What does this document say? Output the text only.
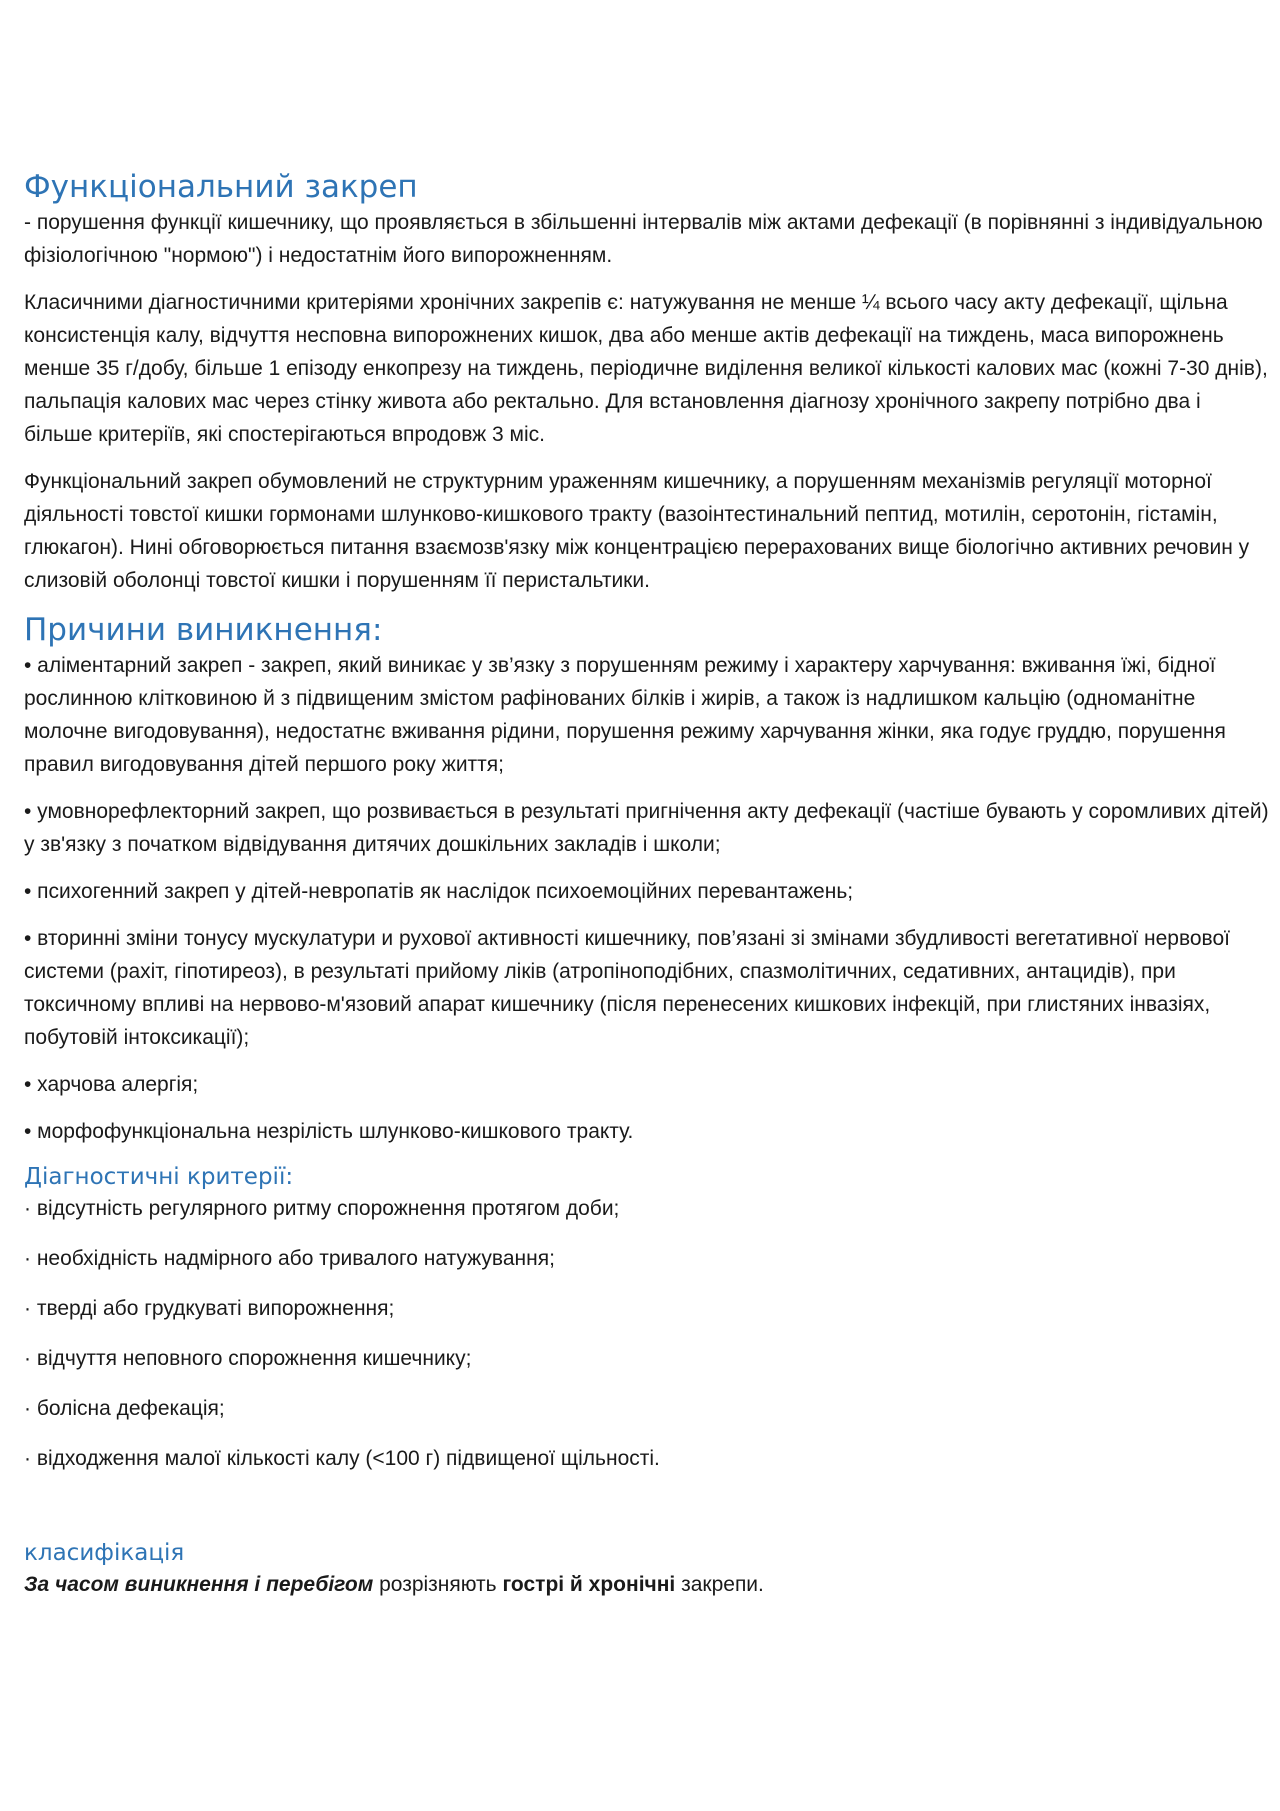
Функціональний закреп

- порушення функції кишечнику, що проявляється в збільшенні інтервалів між актами дефекації (в порівнянні з індивідуальною фізіологічною "нормою") і недостатнім його випорожненням.

Класичними діагностичними критеріями хронічних закрепів є: натужування не менше ¼ всього часу акту дефекації, щільна консистенція калу, відчуття несповна випорожнених кишок, два або менше актів дефекації на тиждень, маса випорожнень менше 35 г/добу, більше 1 епізоду енкопрезу на тиждень, періодичне виділення великої кількості калових мас (кожні 7-30 днів), пальпація калових мас через стінку живота або ректально. Для встановлення діагнозу хронічного закрепу потрібно два і більше критеріїв, які спостерігаються впродовж 3 міс.

Функціональний закреп обумовлений не структурним ураженням кишечнику, а порушенням механізмів регуляції моторної діяльності товстої кишки гормонами шлунково-кишкового тракту (вазоінтестинальний пептид, мотилін, серотонін, гістамін, глюкагон). Нині обговорюється питання взаємозв'язку між концентрацією перерахованих вище біологічно активних речовин у слизовій оболонці товстої кишки і порушенням її перистальтики.

Причини виникнення:

• аліментарний закреп - закреп, який виникає у зв’язку з порушенням режиму і характеру харчування: вживання їжі, бідної рослинною клітковиною й з підвищеним змістом рафінованих білків і жирів, а також із надлишком кальцію (одноманітне молочне вигодовування), недостатнє вживання рідини, порушення режиму харчування жінки, яка годує груддю, порушення правил вигодовування дітей першого року життя;

• умовнорефлекторний закреп, що розвивається в результаті пригнічення акту дефекації (частіше бувають у соромливих дітей) у зв'язку з початком відвідування дитячих дошкільних закладів і школи;

• психогенний закреп у дітей-невропатів як наслідок психоемоційних перевантажень;

• вторинні зміни тонусу мускулатури и рухової активності кишечнику, пов’язані зі змінами збудливості вегетативної нервової системи (рахіт, гіпотиреоз), в результаті прийому ліків (атропіноподібних, спазмолітичних, седативних, антацидів), при токсичному впливі на нервово-м'язовий апарат кишечнику (після перенесених кишкових інфекцій, при глистяних інвазіях, побутовій інтоксикації);

• харчова алергія;

• морфофункціональна незрілість шлунково-кишкового тракту.

Діагностичні критерії:

· відсутність регулярного ритму спорожнення протягом доби;

· необхідність надмірного або тривалого натужування;

· тверді або грудкуваті випорожнення;

· відчуття неповного спорожнення кишечнику;

· болісна дефекація;

· відходження малої кількості калу (<100 г) підвищеної щільності.

класифікація

За часом виникнення і перебігом розрізняють гострі й хронічні закрепи.
